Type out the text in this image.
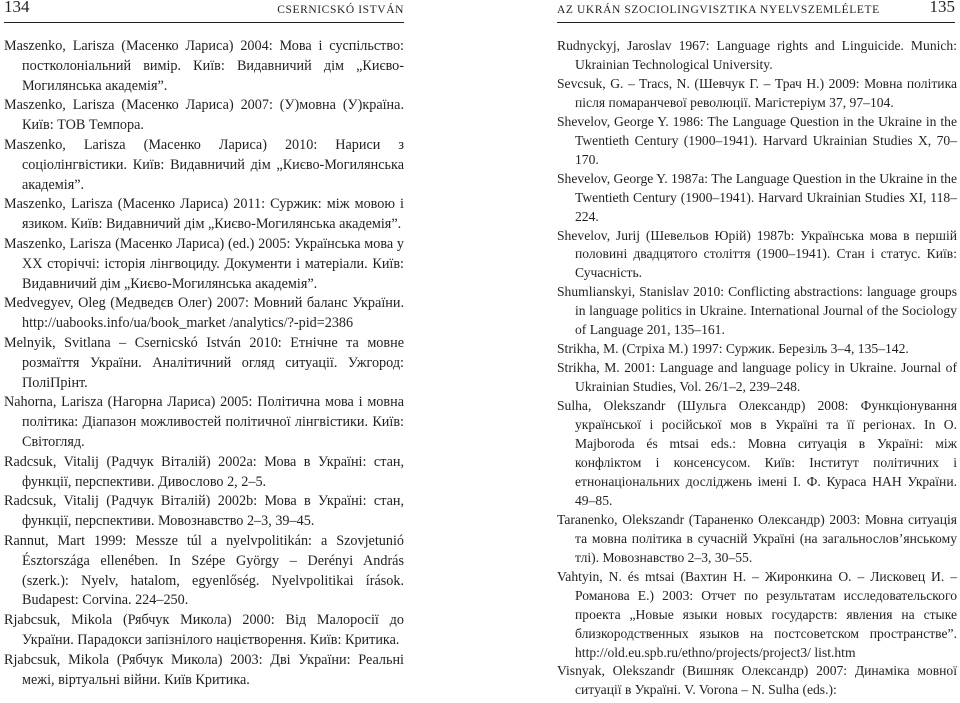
134	CSERNICSKÓ ISTVÁN	AZ UKRÁN SZOCIOLINGVISZTIKA NYELVSZEMLÉLETE	135

Maszenko, Larisza (Масенко Лариса) 2004: Мова і суспільство: постколоніальний вимір. Київ: Видавничий дім „Києво-Могилянська академія”.

Maszenko, Larisza (Масенко Лариса) 2007: (У)мовна (У)країна. Київ: ТОВ Темпора.

Maszenko, Larisza (Масенко Лариса) 2010: Нариси з соціолінгвістики. Київ: Видавничий дім „Києво-Могилянська академія”.

Maszenko, Larisza (Масенко Лариса) 2011: Суржик: між мовою і язиком. Київ: Видавничий дім „Києво-Могилянська академія”.

Maszenko, Larisza (Масенко Лариса) (ed.) 2005: Українська мова у ХХ сторіччі: історія лінгвоциду. Документи і матеріали. Київ: Видавничий дім „Києво-Могилянська академія”.

Medvegyev, Oleg (Медведєв Олег) 2007: Мовний баланс України. http://uabooks.info/ua/book_market /analytics/?-pid=2386

Melnyik, Svitlana – Csernicskó István 2010: Етнічне та мовне розмаїття України. Аналітичний огляд ситуації. Ужгород: ПоліПрінт.

Nahorna, Larisza (Нагорна Лариса) 2005: Політична мова і мовна політика: Діапазон можливостей політичної лінгвістики. Київ: Світогляд.

Radcsuk, Vitalij (Радчук Віталій) 2002a: Мова в Україні: стан, функції, перспективи. Дивослово 2, 2–5.

Radcsuk, Vitalij (Радчук Віталій) 2002b: Мова в Україні: стан, функції, перспективи. Мовознавство 2–3, 39–45.

Rannut, Mart 1999: Messze túl a nyelvpolitikán: a Szovjetunió Észtországa ellenében. In Szépe György – Derényi András (szerk.): Nyelv, hatalom, egyenlőség. Nyelvpolitikai írások. Budapest: Corvina. 224–250.

Rjabcsuk, Mikola (Рябчук Микола) 2000: Від Малоросії до України. Парадокси запізнілого націєтворення. Київ: Критика.

Rjabcsuk, Mikola (Рябчук Микола) 2003: Дві України: Реальні межі, віртуальні війни. Київ Критика.

Rudnyckyj, Jaroslav 1967: Language rights and Linguicide. Munich: Ukrainian Technological University.

Sevcsuk, G. – Tracs, N. (Шевчук Г. – Трач Н.) 2009: Мовна політика після помаранчевої революції. Магістеріум 37, 97–104.

Shevelov, George Y. 1986: The Language Question in the Ukraine in the Twentieth Century (1900–1941). Harvard Ukrainian Studies X, 70–170.

Shevelov, George Y. 1987a: The Language Question in the Ukraine in the Twentieth Century (1900–1941). Harvard Ukrainian Studies XI, 118–224.

Shevelov, Jurij (Шевельов Юрій) 1987b: Українська мова в першій половині двадцятого століття (1900–1941). Стан і статус. Київ: Сучасність.

Shumlianskyi, Stanislav 2010: Conflicting abstractions: language groups in language politics in Ukraine. International Journal of the Sociology of Language 201, 135–161.

Strikha, M. (Стріха М.) 1997: Суржик. Березіль 3–4, 135–142.

Strikha, M. 2001: Language and language policy in Ukraine. Journal of Ukrainian Studies, Vol. 26/1–2, 239–248.

Sulha, Olekszandr (Шульга Олександр) 2008: Функціонування української і російської мов в Україні та її регіонах. In O. Majboroda és mtsai eds.: Мовна ситуація в Україні: між конфліктом і консенсусом. Київ: Інститут політичних і етнонаціональних досліджень імені І. Ф. Кураса НАН України. 49–85.

Taranenko, Olekszandr (Тараненко Олександр) 2003: Мовна ситуація та мовна політика в сучасній Україні (на загальнослов’янському тлі). Мовознавство 2–3, 30–55.

Vahtyin, N. és mtsai (Вахтин Н. – Жиронкина О. – Лисковец И. – Романова Е.) 2003: Отчет по результатам исследовательского проекта „Новые языки новых государств: явления на стыке близкородственных языков на постсоветском пространстве”. http://old.eu.spb.ru/ethno/projects/project3/ list.htm

Visnyak, Olekszandr (Вишняк Олександр) 2007: Динаміка мовної ситуації в Україні. V. Vorona – N. Sulha (eds.):
